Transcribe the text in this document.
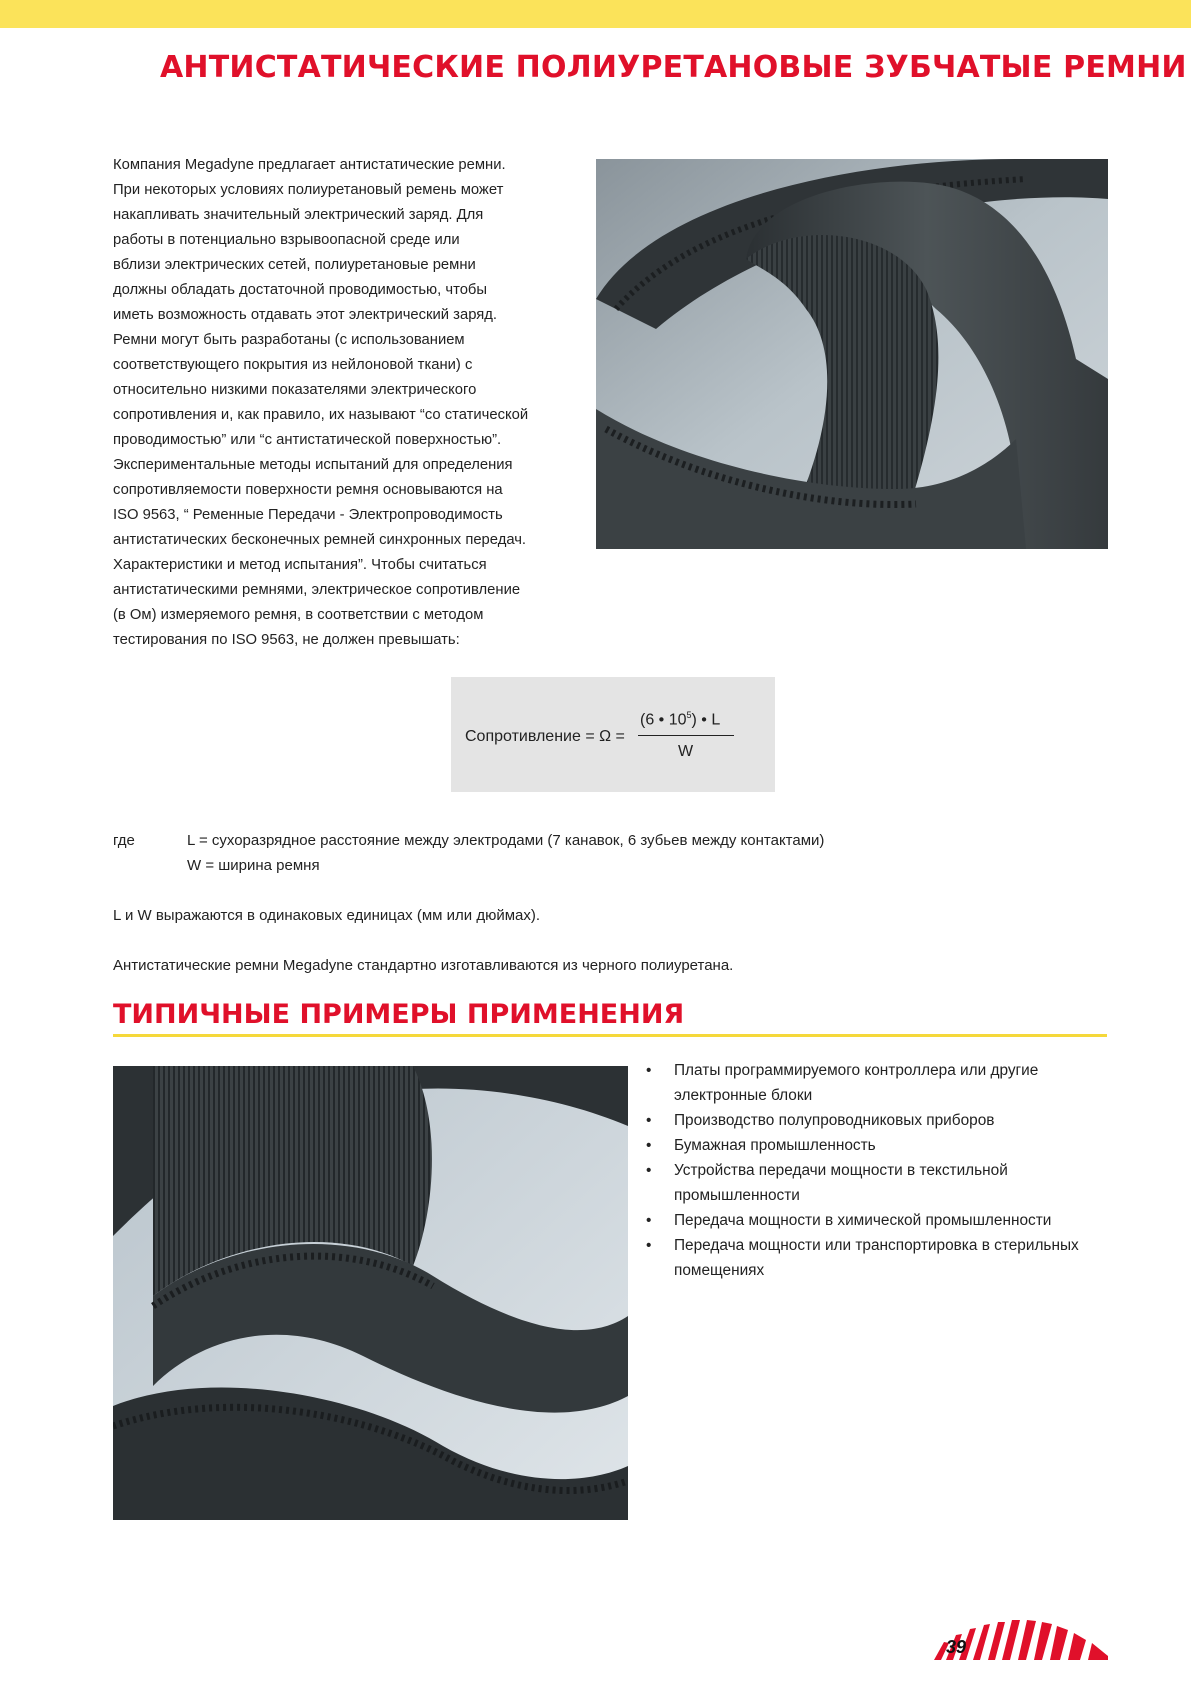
АНТИСТАТИЧЕСКИЕ ПОЛИУРЕТАНОВЫЕ ЗУБЧАТЫЕ РЕМНИ

Компания Megadyne предлагает антистатические ремни.

При некоторых условиях полиуретановый ремень может

накапливать значительный электрический заряд. Для

работы в потенциально взрывоопасной среде или

вблизи электрических сетей, полиуретановые ремни

должны обладать достаточной проводимостью, чтобы

иметь возможность отдавать этот электрический заряд.

Ремни могут быть разработаны (с использованием

соответствующего покрытия из нейлоновой ткани) с

относительно низкими показателями электрического

сопротивления и, как правило, их называют “со статической

проводимостью” или “с антистатической поверхностью”.

Экспериментальные методы испытаний для определения

сопротивляемости поверхности ремня основываются на

ISO 9563, “ Ременные Передачи - Электропроводимость

антистатических бесконечных ремней синхронных передач.

Характеристики и метод испытания”. Чтобы считаться

антистатическими ремнями, электрическое сопротивление

(в Ом) измеряемого ремня, в соответствии с методом

тестирования по ISO 9563, не должен превышать:

Сопротивление = Ω =
(6 • $10^5$) • L
W
где	L = сухоразрядное расстояние между электродами (7 канавок, 6 зубьев между контактами)
W = ширина ремня
L и W выражаются в одинаковых единицах (мм или дюймах).
Антистатические ремни Megadyne стандартно изготавливаются из черного полиуретана.
ТИПИЧНЫЕ ПРИМЕРЫ ПРИМЕНЕНИЯ
• Платы программируемого контроллера или другие
электронные блоки
• Производство полупроводниковых приборов
• Бумажная промышленность
• Устройства передачи мощности в текстильной
промышленности
• Передача мощности в химической промышленности
• Передача мощности или транспортировка в стерильных
помещениях
39
